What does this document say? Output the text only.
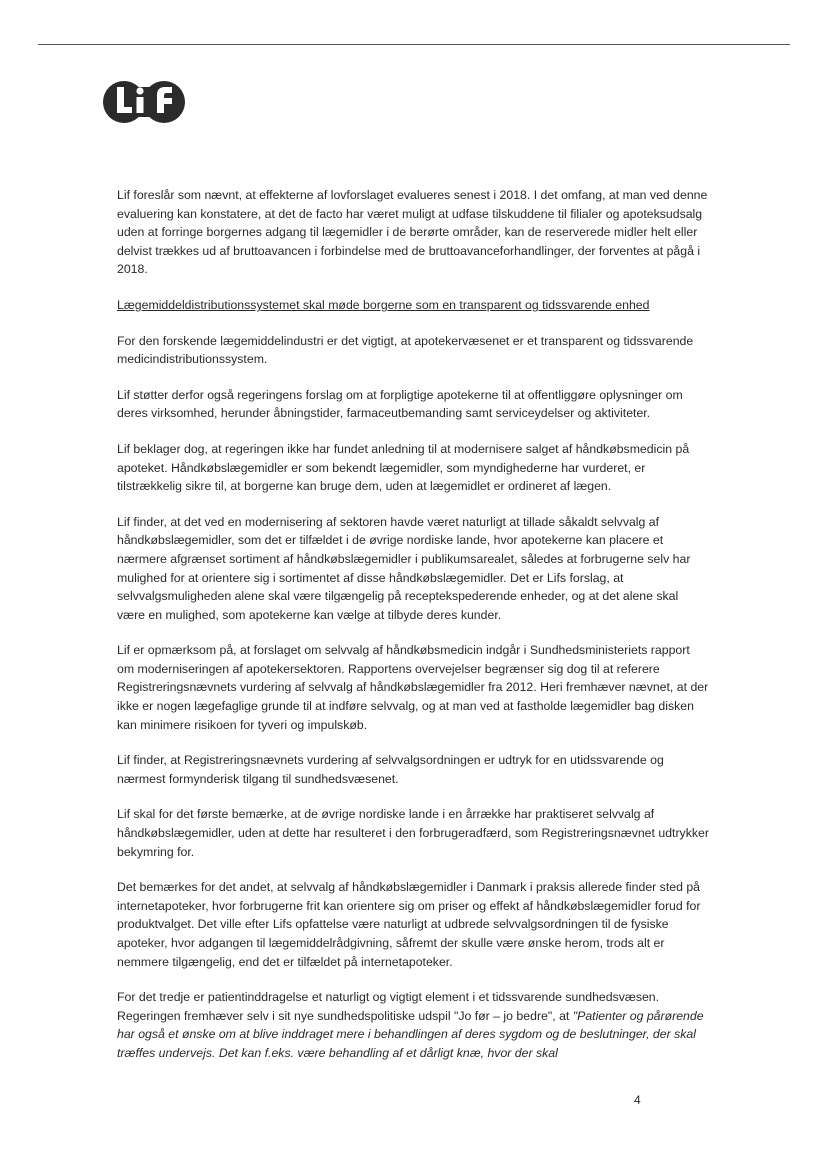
Lif foreslår som nævnt, at effekterne af lovforslaget evalueres senest i 2018. I det omfang, at man ved denne evaluering kan konstatere, at det de facto har været muligt at udfase tilskuddene til filialer og apoteksudsalg uden at forringe borgernes adgang til lægemidler i de berørte områder, kan de reserverede midler helt eller delvist trækkes ud af bruttoavancen i forbindelse med de bruttoavanceforhandlinger, der forventes at pågå i 2018.

Lægemiddeldistributionssystemet skal møde borgerne som en transparent og tidssvarende enhed

For den forskende lægemiddelindustri er det vigtigt, at apotekervæsenet er et transparent og tidssvarende medicindistributionssystem.

Lif støtter derfor også regeringens forslag om at forpligtige apotekerne til at offentliggøre oplysninger om deres virksomhed, herunder åbningstider, farmaceutbemanding samt serviceydelser og aktiviteter.

Lif beklager dog, at regeringen ikke har fundet anledning til at modernisere salget af håndkøbsmedicin på apoteket. Håndkøbslægemidler er som bekendt lægemidler, som myndighederne har vurderet, er tilstrækkelig sikre til, at borgerne kan bruge dem, uden at lægemidlet er ordineret af lægen.

Lif finder, at det ved en modernisering af sektoren havde været naturligt at tillade såkaldt selvvalg af håndkøbslægemidler, som det er tilfældet i de øvrige nordiske lande, hvor apotekerne kan placere et nærmere afgrænset sortiment af håndkøbslægemidler i publikumsarealet, således at forbrugerne selv har mulighed for at orientere sig i sortimentet af disse håndkøbslægemidler. Det er Lifs forslag, at selvvalgsmuligheden alene skal være tilgængelig på receptekspederende enheder, og at det alene skal være en mulighed, som apotekerne kan vælge at tilbyde deres kunder.

Lif er opmærksom på, at forslaget om selvvalg af håndkøbsmedicin indgår i Sundhedsministeriets rapport om moderniseringen af apotekersektoren. Rapportens overvejelser begrænser sig dog til at referere Registreringsnævnets vurdering af selvvalg af håndkøbslægemidler fra 2012. Heri fremhæver nævnet, at der ikke er nogen lægefaglige grunde til at indføre selvvalg, og at man ved at fastholde lægemidler bag disken kan minimere risikoen for tyveri og impulskøb.

Lif finder, at Registreringsnævnets vurdering af selvvalgsordningen er udtryk for en utidssvarende og nærmest formynderisk tilgang til sundhedsvæsenet.

Lif skal for det første bemærke, at de øvrige nordiske lande i en årrække har praktiseret selvvalg af håndkøbslægemidler, uden at dette har resulteret i den forbrugeradfærd, som Registreringsnævnet udtrykker bekymring for.

Det bemærkes for det andet, at selvvalg af håndkøbslægemidler i Danmark i praksis allerede finder sted på internetapoteker, hvor forbrugerne frit kan orientere sig om priser og effekt af håndkøbslægemidler forud for produktvalget. Det ville efter Lifs opfattelse være naturligt at udbrede selvvalgsordningen til de fysiske apoteker, hvor adgangen til lægemiddelrådgivning, såfremt der skulle være ønske herom, trods alt er nemmere tilgængelig, end det er tilfældet på internetapoteker.

For det tredje er patientinddragelse et naturligt og vigtigt element i et tidssvarende sundhedsvæsen. Regeringen fremhæver selv i sit nye sundhedspolitiske udspil "Jo før – jo bedre", at "Patienter og pårørende har også et ønske om at blive inddraget mere i behandlingen af deres sygdom og de beslutninger, der skal træffes undervejs. Det kan f.eks. være behandling af et dårligt knæ, hvor der skal

4
